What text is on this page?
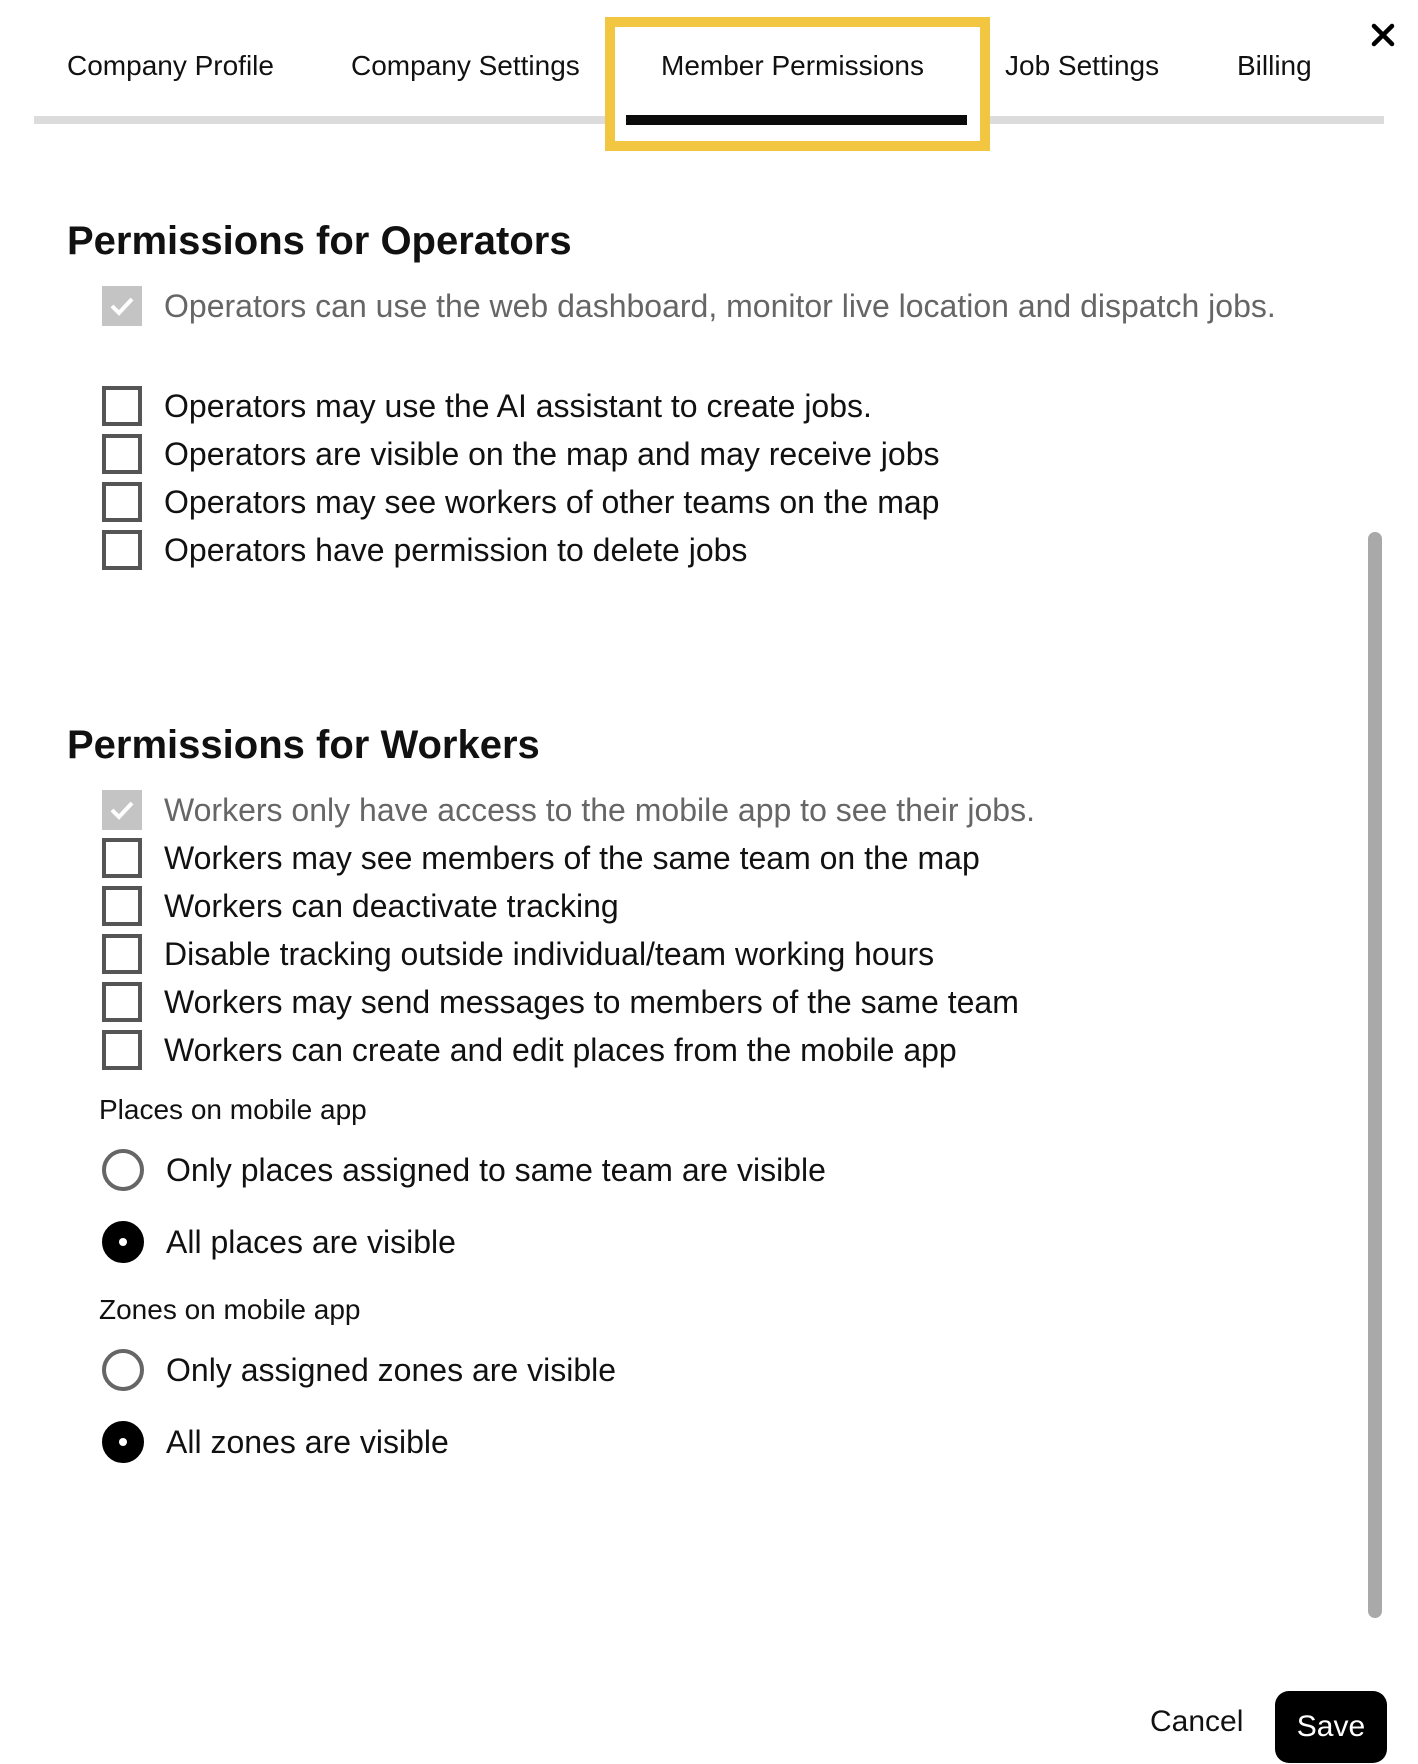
Company Profile	Company Settings	Member Permissions	Job Settings	Billing
Permissions for Operators
Operators can use the web dashboard, monitor live location and dispatch jobs.
Operators may use the AI assistant to create jobs.
Operators are visible on the map and may receive jobs
Operators may see workers of other teams on the map
Operators have permission to delete jobs
Permissions for Workers
Workers only have access to the mobile app to see their jobs.
Workers may see members of the same team on the map
Workers can deactivate tracking
Disable tracking outside individual/team working hours
Workers may send messages to members of the same team
Workers can create and edit places from the mobile app
Places on mobile app
Only places assigned to same team are visible
All places are visible
Zones on mobile app
Only assigned zones are visible
All zones are visible
Cancel	Save
